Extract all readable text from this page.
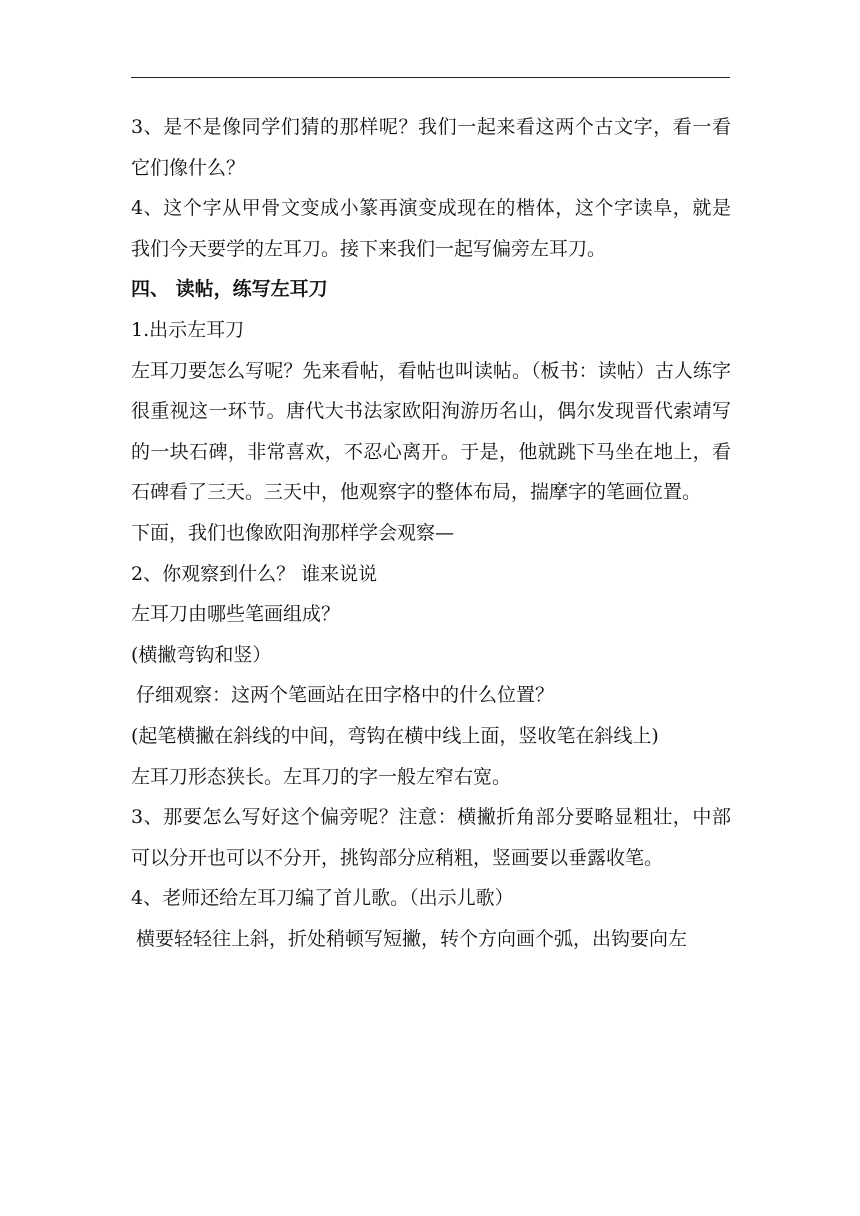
3、是不是像同学们猜的那样呢？我们一起来看这两个古文字，看一看它们像什么？

4、这个字从甲骨文变成小篆再演变成现在的楷体，这个字读阜，就是我们今天要学的左耳刀。接下来我们一起写偏旁左耳刀。

四、 读帖，练写左耳刀

1.出示左耳刀

左耳刀要怎么写呢？先来看帖，看帖也叫读帖。（板书：读帖）古人练字很重视这一环节。唐代大书法家欧阳洵游历名山，偶尔发现晋代索靖写的一块石碑，非常喜欢，不忍心离开。于是，他就跳下马坐在地上，看石碑看了三天。三天中，他观察字的整体布局，揣摩字的笔画位置。

下面，我们也像欧阳洵那样学会观察—

2、你观察到什么？ 谁来说说

左耳刀由哪些笔画组成？

(横撇弯钩和竖）

仔细观察：这两个笔画站在田字格中的什么位置？

(起笔横撇在斜线的中间，弯钩在横中线上面，竖收笔在斜线上)

左耳刀形态狭长。左耳刀的字一般左窄右宽。

3、那要怎么写好这个偏旁呢？注意：横撇折角部分要略显粗壮，中部可以分开也可以不分开，挑钩部分应稍粗，竖画要以垂露收笔。

4、老师还给左耳刀编了首儿歌。（出示儿歌）

横要轻轻往上斜，折处稍顿写短撇，转个方向画个弧，出钩要向左
